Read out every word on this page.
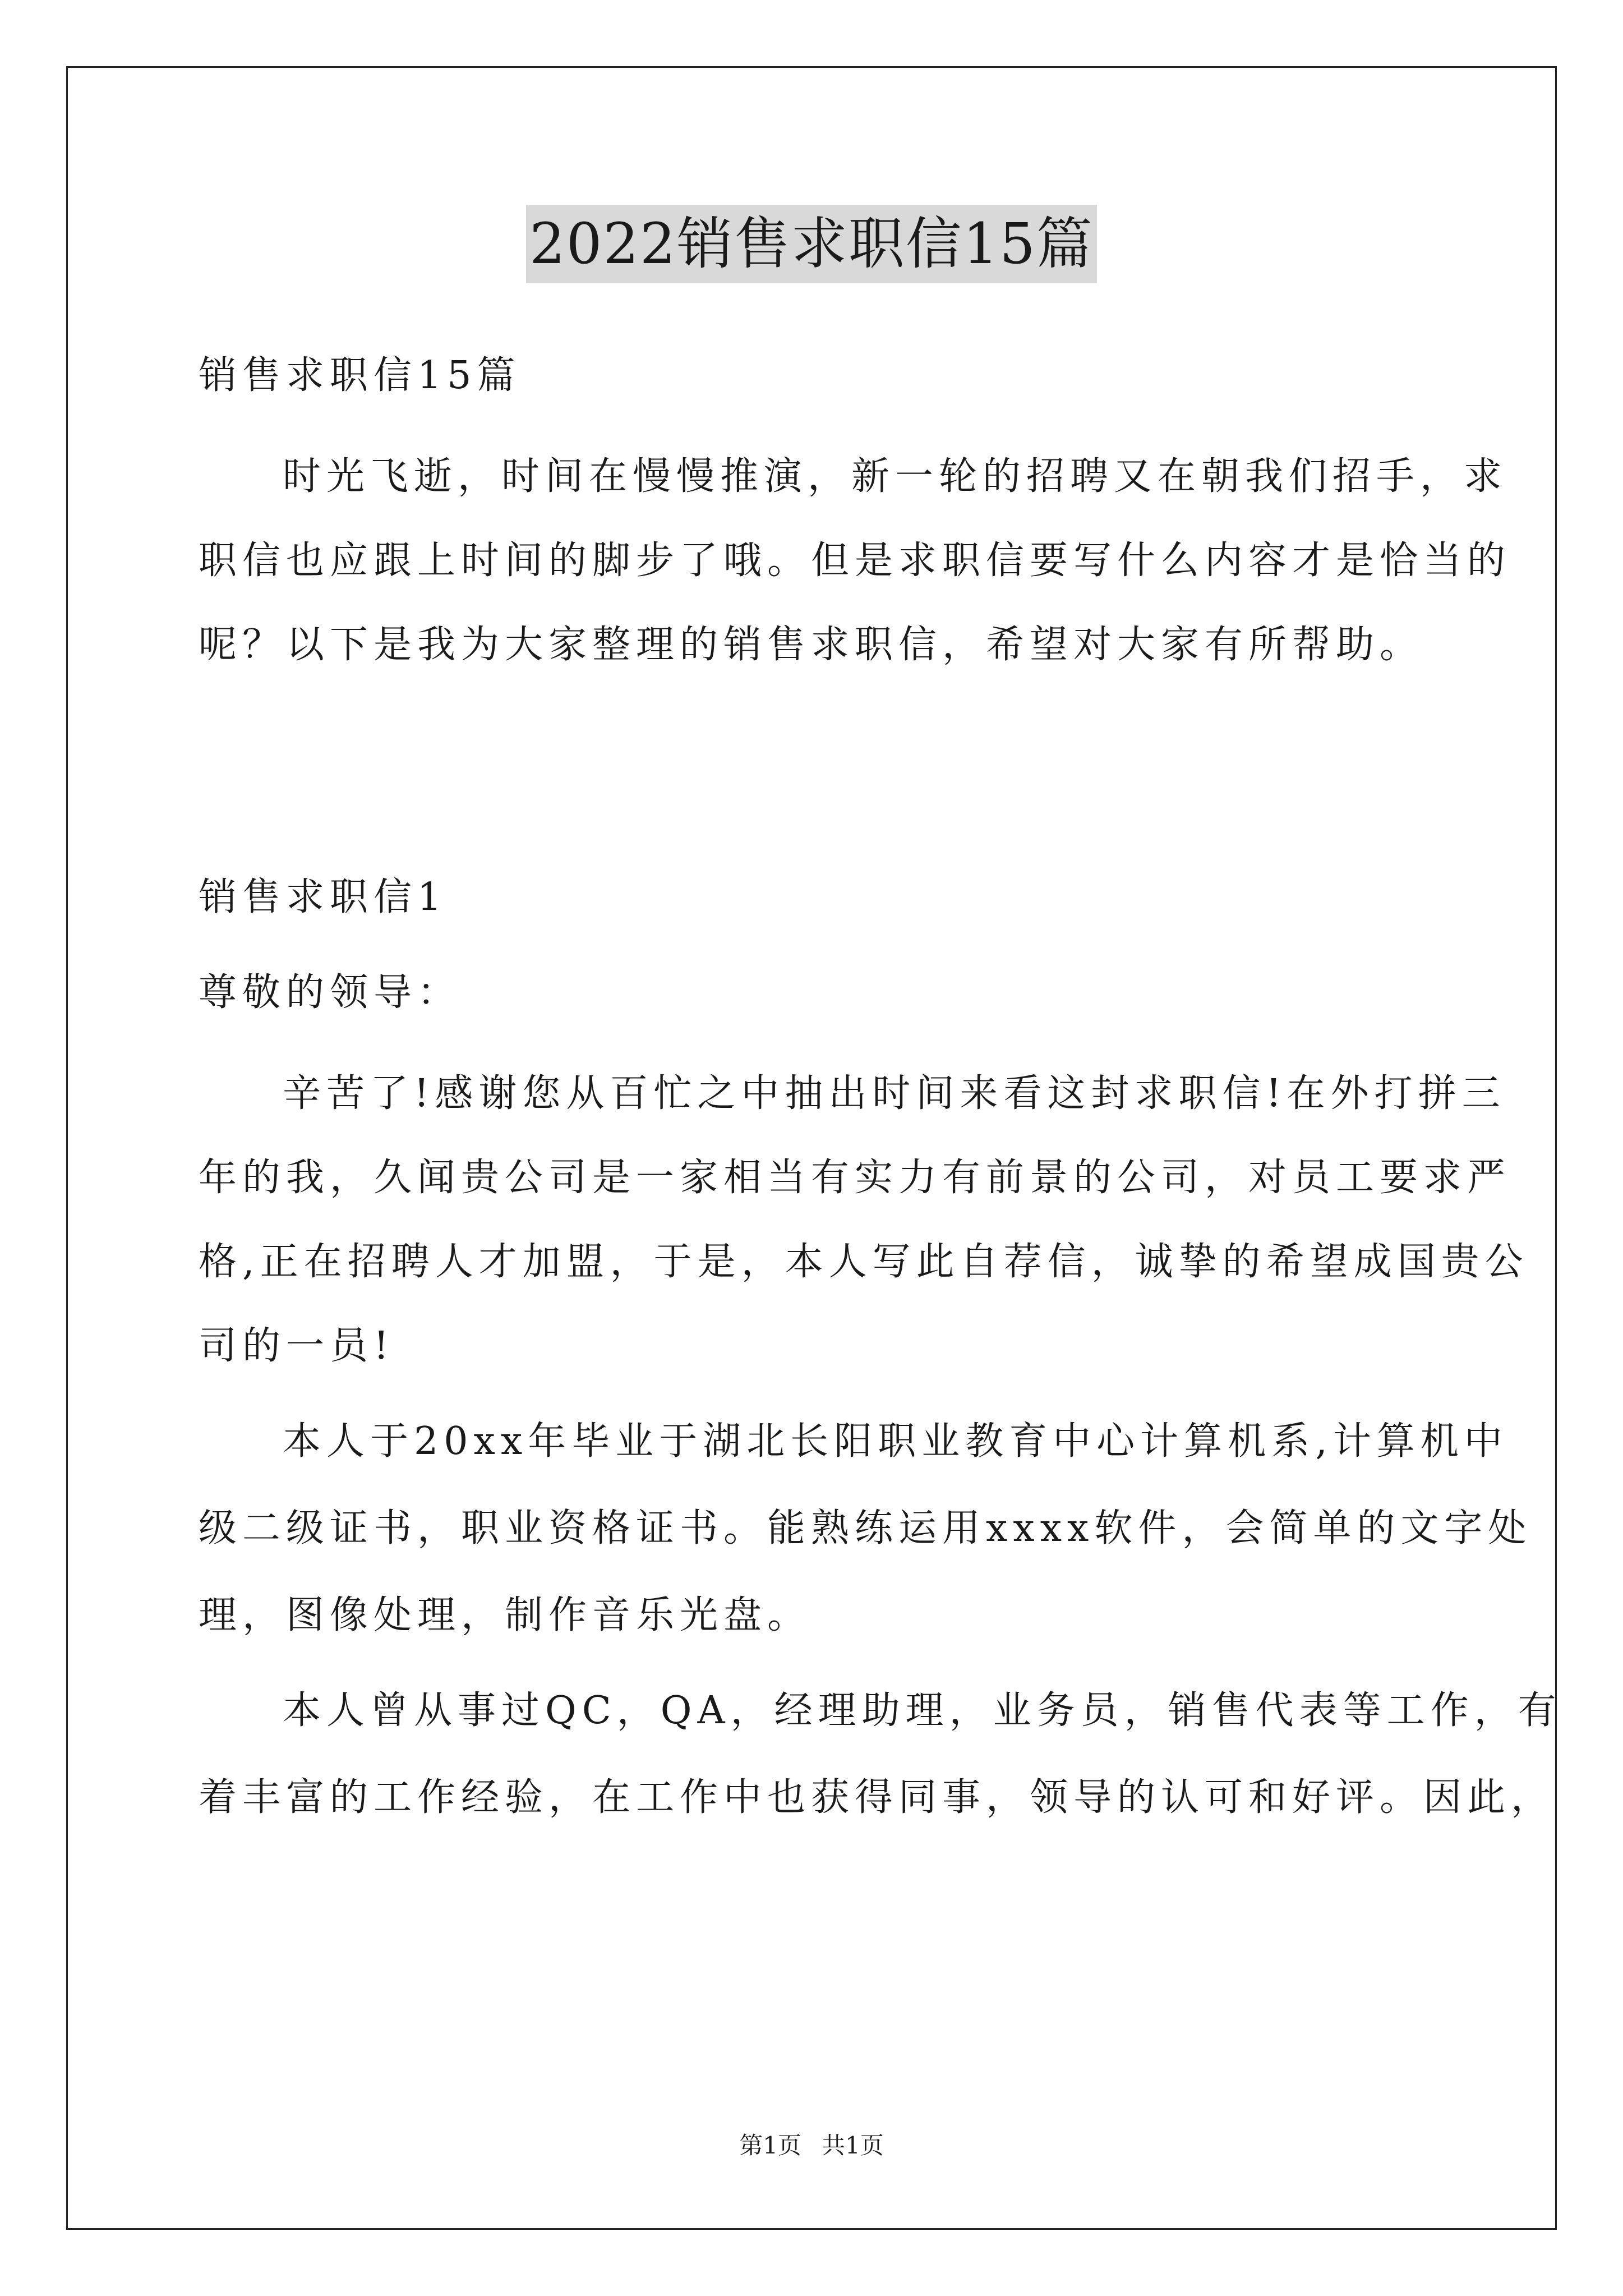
2022销售求职信15篇
销售求职信15篇
时光飞逝，时间在慢慢推演，新一轮的招聘又在朝我们招手，求
职信也应跟上时间的脚步了哦。但是求职信要写什么内容才是恰当的
呢？以下是我为大家整理的销售求职信，希望对大家有所帮助。
销售求职信1
尊敬的领导：
辛苦了!感谢您从百忙之中抽出时间来看这封求职信!在外打拼三
年的我，久闻贵公司是一家相当有实力有前景的公司，对员工要求严
格,正在招聘人才加盟，于是，本人写此自荐信，诚挚的希望成国贵公
司的一员!
本人于20xx年毕业于湖北长阳职业教育中心计算机系,计算机中
级二级证书，职业资格证书。能熟练运用xxxx软件，会简单的文字处
理，图像处理，制作音乐光盘。
本人曾从事过QC，QA，经理助理，业务员，销售代表等工作，有
着丰富的工作经验，在工作中也获得同事，领导的认可和好评。因此，
第1页 共1页
